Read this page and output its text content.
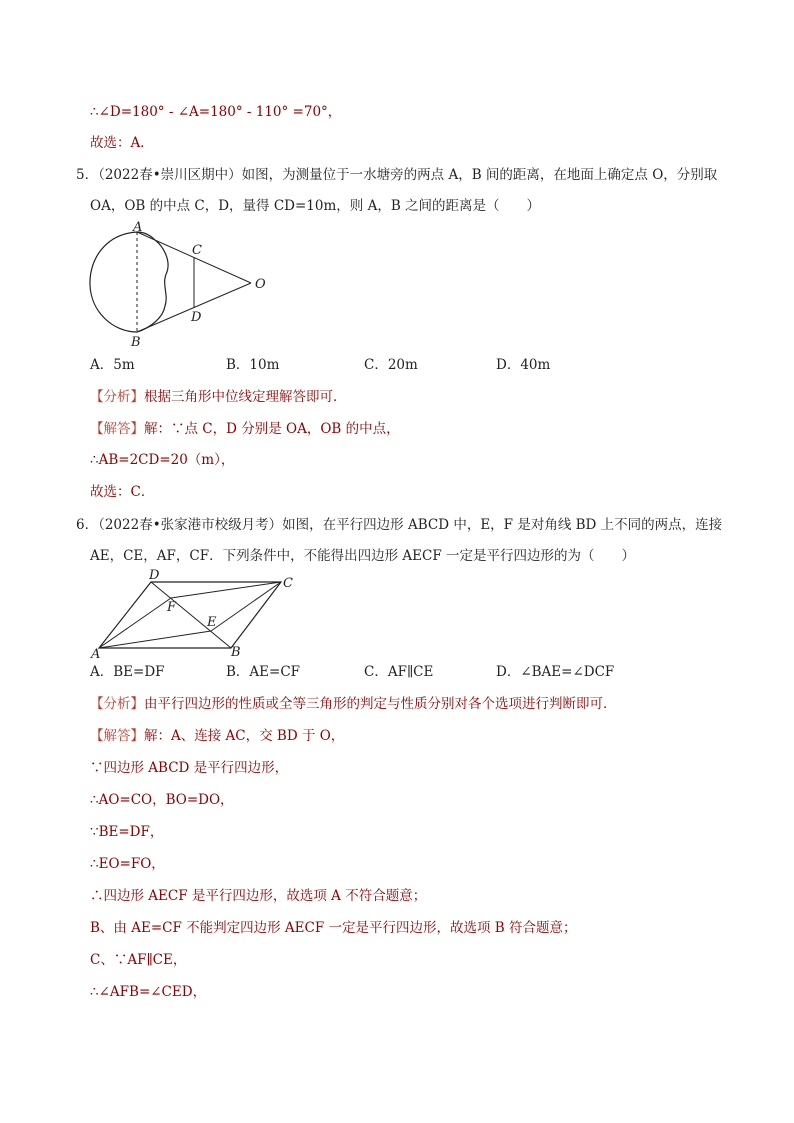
∴∠D=180° - ∠A=180° - 110° =70°，
故选：A．
5．（2022春•崇川区期中）如图，为测量位于一水塘旁的两点 A，B 间的距离，在地面上确定点 O，分别取
OA，OB 的中点 C，D，量得 CD=10m，则 A，B 之间的距离是（　　）
A
B
C
D
O
A．5m	B．10m	C．20m	D．40m
【分析】根据三角形中位线定理解答即可．
【解答】解：∵点 C，D 分别是 OA，OB 的中点，
∴AB=2CD=20（m），
故选：C．
6．（2022春•张家港市校级月考）如图，在平行四边形 ABCD 中，E，F 是对角线 BD 上不同的两点，连接
AE，CE，AF，CF．下列条件中，不能得出四边形 AECF 一定是平行四边形的为（　　）
D
C
F
E
A	B
A．BE=DF	B．AE=CF	C．AF∥CE	D．∠BAE=∠DCF
【分析】由平行四边形的性质或全等三角形的判定与性质分别对各个选项进行判断即可．
【解答】解：A、连接 AC，交 BD 于 O，
∵四边形 ABCD 是平行四边形，
∴AO=CO，BO=DO，
∵BE=DF，
∴EO=FO，
∴四边形 AECF 是平行四边形，故选项 A 不符合题意；
B、由 AE=CF 不能判定四边形 AECF 一定是平行四边形，故选项 B 符合题意；
C、∵AF∥CE，
∴∠AFB=∠CED，
